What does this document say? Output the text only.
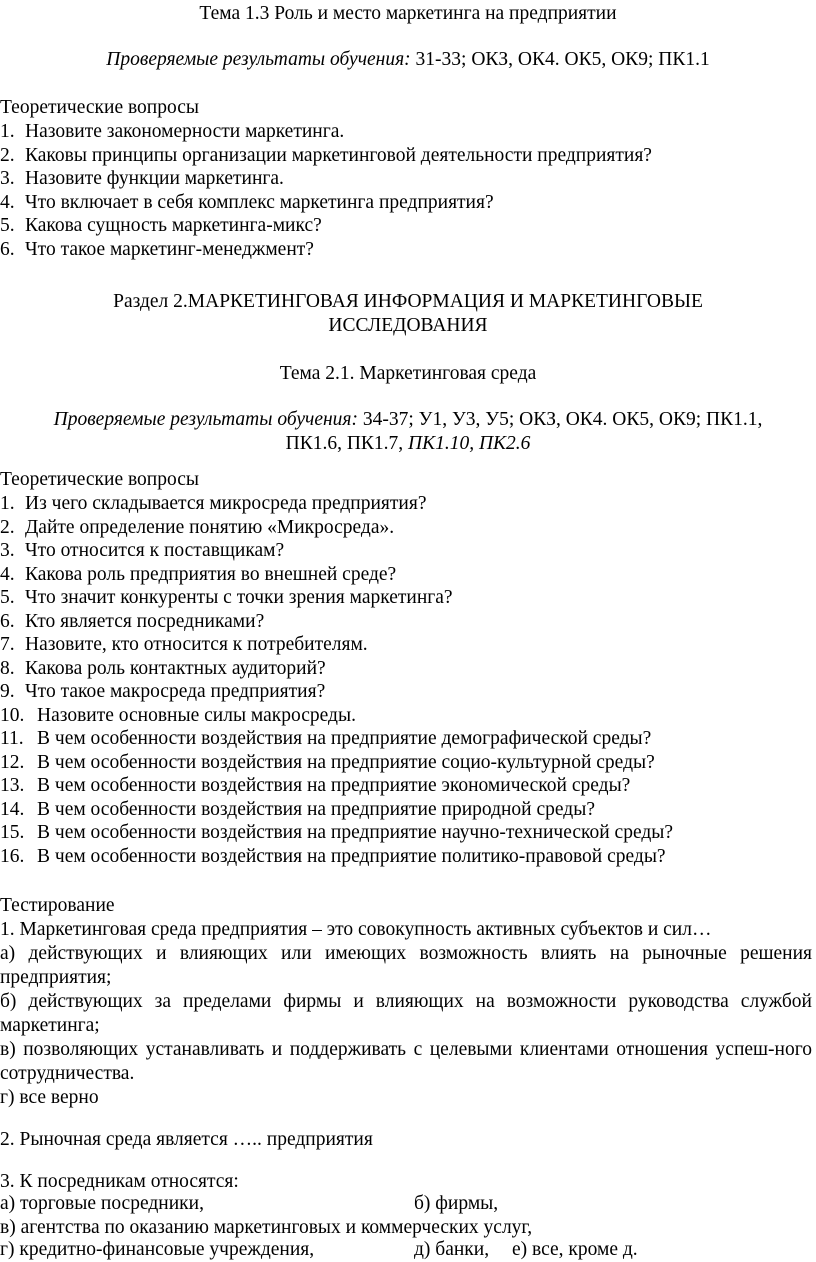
Тема 1.3 Роль и место маркетинга на предприятии
Проверяемые результаты обучения: 31-33; ОКЗ, ОК4. ОК5, ОК9; ПК1.1
Теоретические вопросы
1. Назовите закономерности маркетинга.
2. Каковы принципы организации маркетинговой деятельности предприятия?
3. Назовите функции маркетинга.
4. Что включает в себя комплекс маркетинга предприятия?
5. Какова сущность маркетинга-микс?
6. Что такое маркетинг-менеджмент?
Раздел 2.МАРКЕТИНГОВАЯ ИНФОРМАЦИЯ И МАРКЕТИНГОВЫЕ
ИССЛЕДОВАНИЯ
Тема 2.1. Маркетинговая среда
Проверяемые результаты обучения: 34-37; У1, У3, У5; ОКЗ, ОК4. ОК5, ОК9; ПК1.1,
ПК1.6, ПК1.7, ПК1.10, ПК2.6
Теоретические вопросы
1. Из чего складывается микросреда предприятия?
2. Дайте определение понятию «Микросреда».
3. Что относится к поставщикам?
4. Какова роль предприятия во внешней среде?
5. Что значит конкуренты с точки зрения маркетинга?
6. Кто является посредниками?
7. Назовите, кто относится к потребителям.
8. Какова роль контактных аудиторий?
9. Что такое макросреда предприятия?
10. Назовите основные силы макросреды.
11. В чем особенности воздействия на предприятие демографической среды?
12. В чем особенности воздействия на предприятие социо-культурной среды?
13. В чем особенности воздействия на предприятие экономической среды?
14. В чем особенности воздействия на предприятие природной среды?
15. В чем особенности воздействия на предприятие научно-технической среды?
16. В чем особенности воздействия на предприятие политико-правовой среды?
Тестирование
1. Маркетинговая среда предприятия – это совокупность активных субъектов и сил…
а) действующих и влияющих или имеющих возможность влиять на рыночные решения предприятия;
б) действующих за пределами фирмы и влияющих на возможности руководства службой маркетинга;
в) позволяющих устанавливать и поддерживать с целевыми клиентами отношения успеш-ного сотрудничества.
г) все верно
2. Рыночная среда является ….. предприятия
3. К посредникам относятся:
а) торговые посредники,	б) фирмы,
в) агентства по оказанию маркетинговых и коммерческих услуг,
г) кредитно-финансовые учреждения,	д) банки, е) все, кроме д.
